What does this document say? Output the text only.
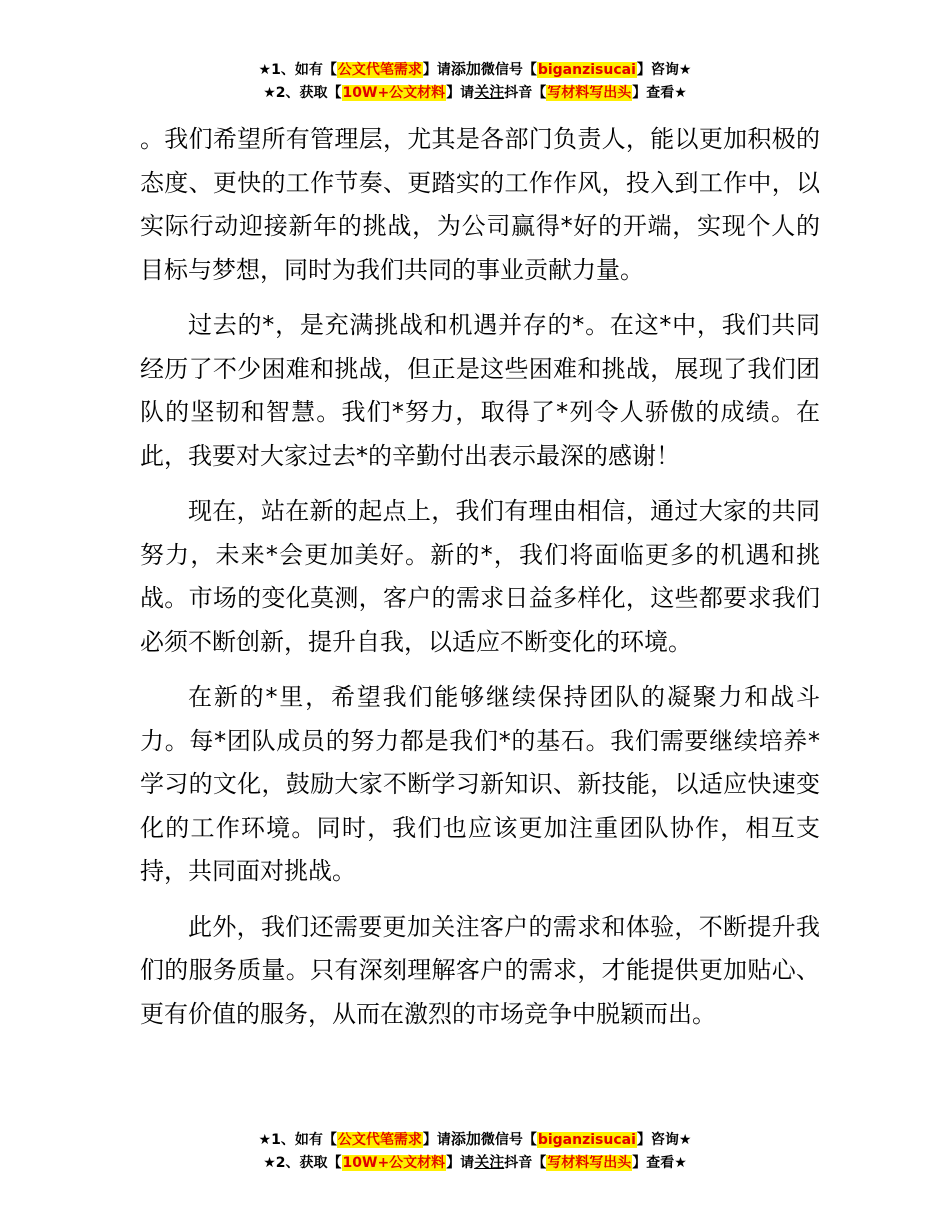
★1、如有【公文代笔需求】请添加微信号【biganzisucai】咨询★
★2、获取【10W+公文材料】请关注抖音【写材料写出头】查看★

。我们希望所有管理层，尤其是各部门负责人，能以更加积极的态度、更快的工作节奏、更踏实的工作作风，投入到工作中，以实际行动迎接新年的挑战，为公司赢得*好的开端，实现个人的目标与梦想，同时为我们共同的事业贡献力量。

过去的*，是充满挑战和机遇并存的*。在这*中，我们共同经历了不少困难和挑战，但正是这些困难和挑战，展现了我们团队的坚韧和智慧。我们*努力，取得了*列令人骄傲的成绩。在此，我要对大家过去*的辛勤付出表示最深的感谢！

现在，站在新的起点上，我们有理由相信，通过大家的共同努力，未来*会更加美好。新的*，我们将面临更多的机遇和挑战。市场的变化莫测，客户的需求日益多样化，这些都要求我们必须不断创新，提升自我，以适应不断变化的环境。

在新的*里，希望我们能够继续保持团队的凝聚力和战斗力。每*团队成员的努力都是我们*的基石。我们需要继续培养*学习的文化，鼓励大家不断学习新知识、新技能，以适应快速变化的工作环境。同时，我们也应该更加注重团队协作，相互支持，共同面对挑战。

此外，我们还需要更加关注客户的需求和体验，不断提升我们的服务质量。只有深刻理解客户的需求，才能提供更加贴心、更有价值的服务，从而在激烈的市场竞争中脱颖而出。

★1、如有【公文代笔需求】请添加微信号【biganzisucai】咨询★
★2、获取【10W+公文材料】请关注抖音【写材料写出头】查看★
